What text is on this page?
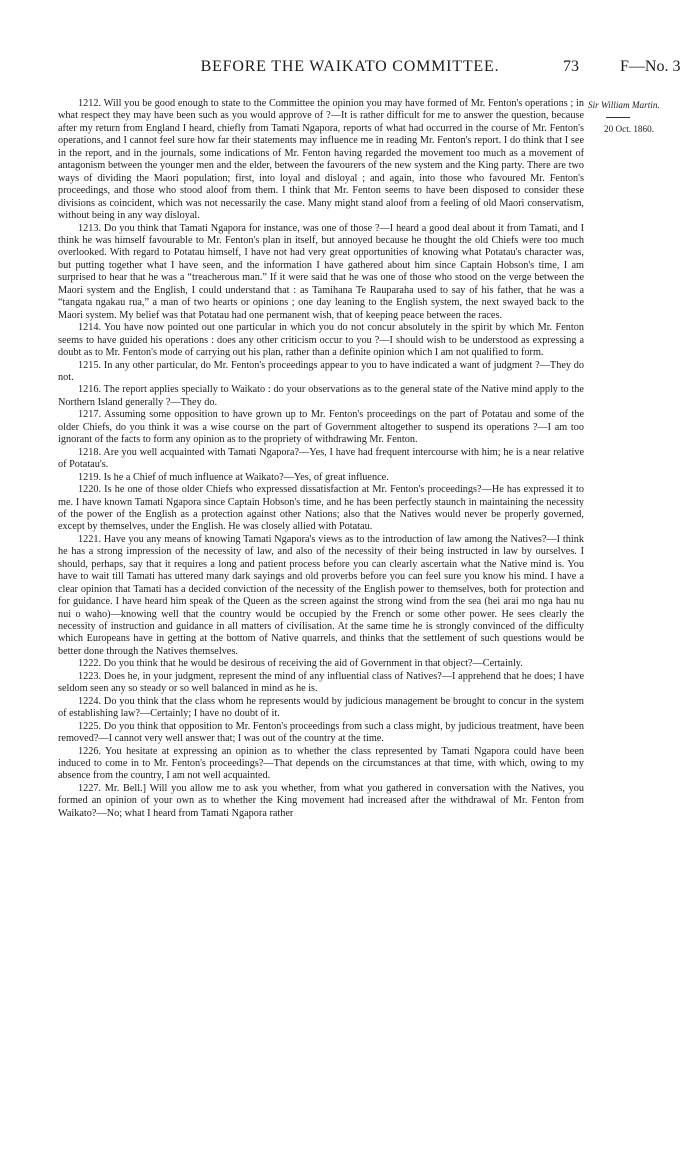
BEFORE THE WAIKATO COMMITTEE.	73	F—No. 3
Sir William Martin.
20 Oct. 1860.

1212. Will you be good enough to state to the Committee the opinion you may have formed of Mr. Fenton's operations ; in what respect they may have been such as you would approve of ?—It is rather difficult for me to answer the question, because after my return from England I heard, chiefly from Tamati Ngapora, reports of what had occurred in the course of Mr. Fenton's operations, and I cannot feel sure how far their statements may influence me in reading Mr. Fenton's report. I do think that I see in the report, and in the journals, some indications of Mr. Fenton having regarded the movement too much as a movement of antagonism between the younger men and the elder, between the favourers of the new system and the King party. There are two ways of dividing the Maori population; first, into loyal and disloyal ; and again, into those who favoured Mr. Fenton's proceedings, and those who stood aloof from them. I think that Mr. Fenton seems to have been disposed to consider these divisions as coincident, which was not necessarily the case. Many might stand aloof from a feeling of old Maori conservatism, without being in any way disloyal.

1213. Do you think that Tamati Ngapora for instance, was one of those ?—I heard a good deal about it from Tamati, and I think he was himself favourable to Mr. Fenton's plan in itself, but annoyed because he thought the old Chiefs were too much overlooked. With regard to Potatau himself, I have not had very great opportunities of knowing what Potatau's character was, but putting together what I have seen, and the information I have gathered about him since Captain Hobson's time, I am surprised to hear that he was a “treacherous man.” If it were said that he was one of those who stood on the verge between the Maori system and the English, I could understand that : as Tamihana Te Rauparaha used to say of his father, that he was a “tangata ngakau rua,” a man of two hearts or opinions ; one day leaning to the English system, the next swayed back to the Maori system. My belief was that Potatau had one permanent wish, that of keeping peace between the races.

1214. You have now pointed out one particular in which you do not concur absolutely in the spirit by which Mr. Fenton seems to have guided his operations : does any other criticism occur to you ?—I should wish to be understood as expressing a doubt as to Mr. Fenton's mode of carrying out his plan, rather than a definite opinion which I am not qualified to form.

1215. In any other particular, do Mr. Fenton's proceedings appear to you to have indicated a want of judgment ?—They do not.

1216. The report applies specially to Waikato : do your observations as to the general state of the Native mind apply to the Northern Island generally ?—They do.

1217. Assuming some opposition to have grown up to Mr. Fenton's proceedings on the part of Potatau and some of the older Chiefs, do you think it was a wise course on the part of Government altogether to suspend its operations ?—I am too ignorant of the facts to form any opinion as to the propriety of withdrawing Mr. Fenton.

1218. Are you well acquainted with Tamati Ngapora?—Yes, I have had frequent intercourse with him; he is a near relative of Potatau's.

1219. Is he a Chief of much influence at Waikato?—Yes, of great influence.

1220. Is he one of those older Chiefs who expressed dissatisfaction at Mr. Fenton's proceedings?—He has expressed it to me. I have known Tamati Ngapora since Captain Hobson's time, and he has been perfectly staunch in maintaining the necessity of the power of the English as a protection against other Nations; also that the Natives would never be properly governed, except by themselves, under the English. He was closely allied with Potatau.

1221. Have you any means of knowing Tamati Ngapora's views as to the introduction of law among the Natives?—I think he has a strong impression of the necessity of law, and also of the necessity of their being instructed in law by ourselves. I should, perhaps, say that it requires a long and patient process before you can clearly ascertain what the Native mind is. You have to wait till Tamati has uttered many dark sayings and old proverbs before you can feel sure you know his mind. I have a clear opinion that Tamati has a decided conviction of the necessity of the English power to themselves, both for protection and for guidance. I have heard him speak of the Queen as the screen against the strong wind from the sea (hei arai mo nga hau nu nui o waho)—knowing well that the country would be occupied by the French or some other power. He sees clearly the necessity of instruction and guidance in all matters of civilisation. At the same time he is strongly convinced of the difficulty which Europeans have in getting at the bottom of Native quarrels, and thinks that the settlement of such questions would be better done through the Natives themselves.

1222. Do you think that he would be desirous of receiving the aid of Government in that object?—Certainly.

1223. Does he, in your judgment, represent the mind of any influential class of Natives?—I apprehend that he does; I have seldom seen any so steady or so well balanced in mind as he is.

1224. Do you think that the class whom he represents would by judicious management be brought to concur in the system of establishing law?—Certainly; I have no doubt of it.

1225. Do you think that opposition to Mr. Fenton's proceedings from such a class might, by judicious treatment, have been removed?—I cannot very well answer that; I was out of the country at the time.

1226. You hesitate at expressing an opinion as to whether the class represented by Tamati Ngapora could have been induced to come in to Mr. Fenton's proceedings?—That depends on the circumstances at that time, with which, owing to my absence from the country, I am not well acquainted.

1227. Mr. Bell.] Will you allow me to ask you whether, from what you gathered in conversation with the Natives, you formed an opinion of your own as to whether the King movement had increased after the withdrawal of Mr. Fenton from Waikato?—No; what I heard from Tamati Ngapora rather
